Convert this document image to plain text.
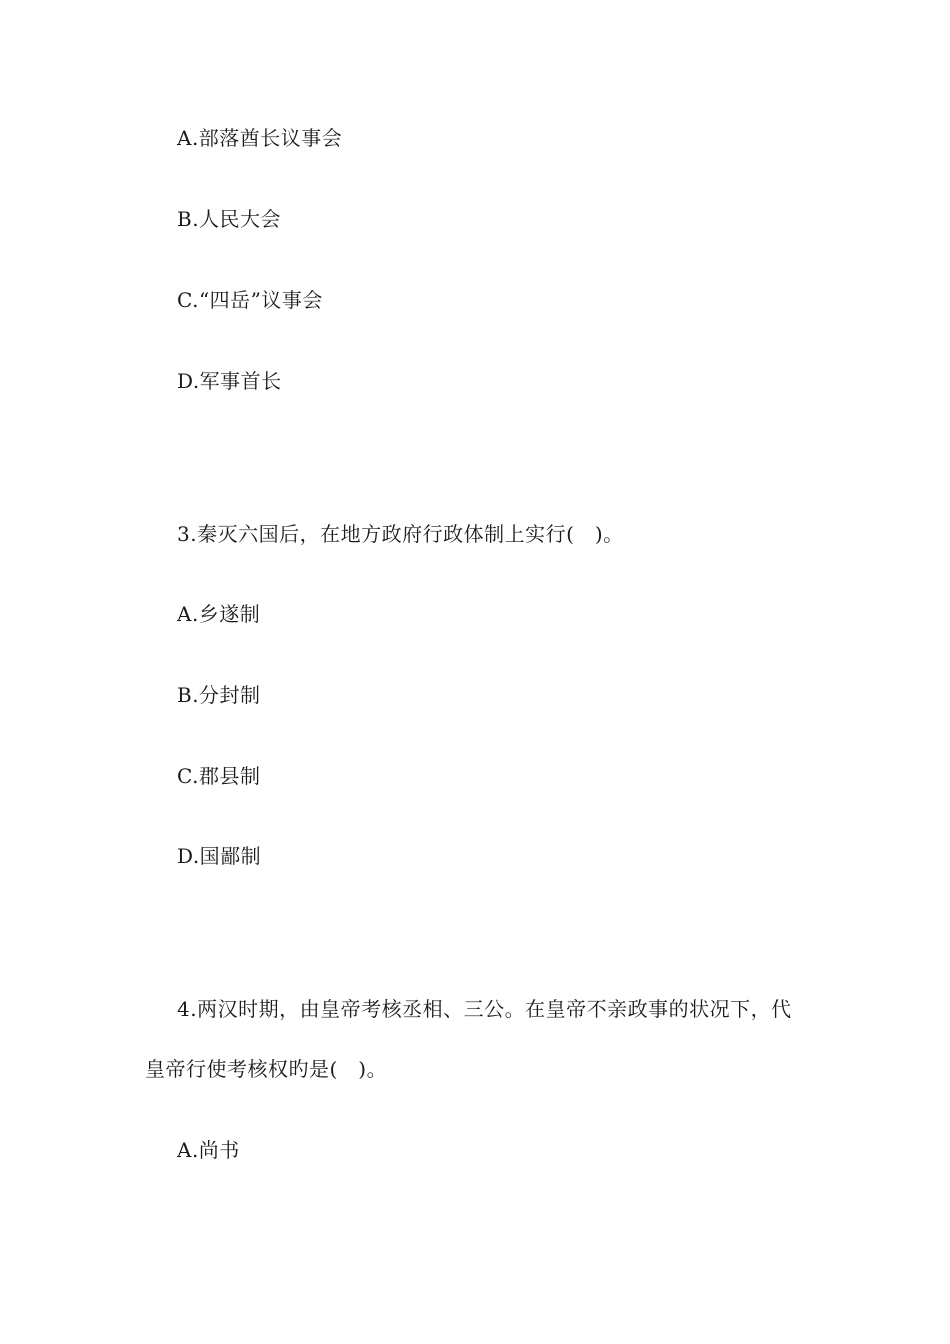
A.部落酋长议事会
B.人民大会
C.“四岳”议事会
D.军事首长
3.秦灭六国后，在地方政府行政体制上实行(　)。
A.乡遂制
B.分封制
C.郡县制
D.国鄙制
4.两汉时期，由皇帝考核丞相、三公。在皇帝不亲政事的状况下，代
皇帝行使考核权旳是(　)。
A.尚书
